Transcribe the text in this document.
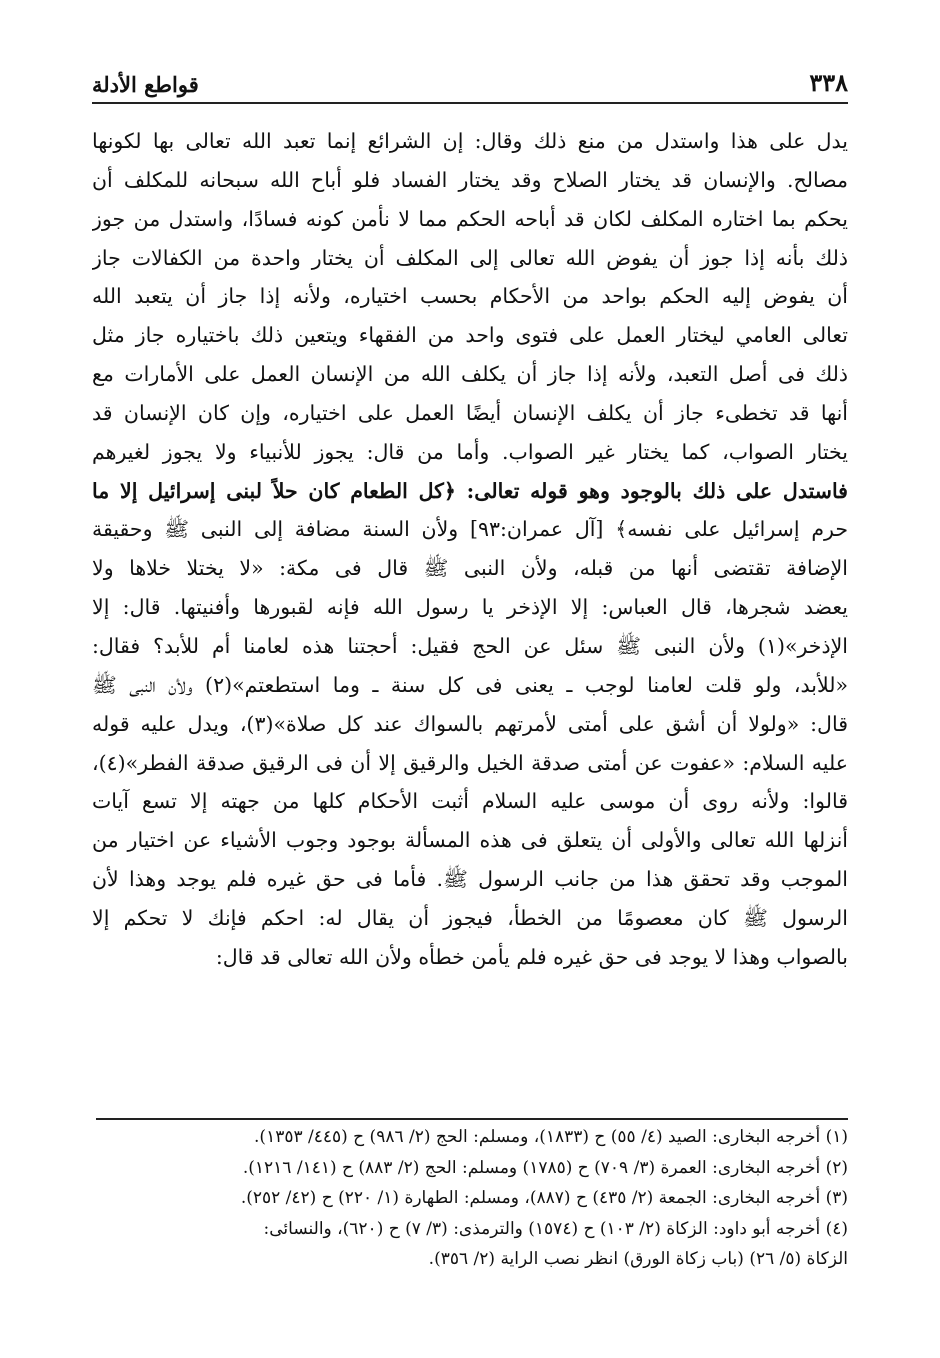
٣٣٨
قواطع الأدلة
يدل على هذا واستدل من منع ذلك وقال: إن الشرائع إنما تعبد الله تعالى بها لكونها
مصالح. والإنسان قد يختار الصلاح وقد يختار الفساد فلو أباح الله سبحانه للمكلف أن
يحكم بما اختاره المكلف لكان قد أباحه الحكم مما لا نأمن كونه فسادًا، واستدل من جوز
ذلك بأنه إذا جوز أن يفوض الله تعالى إلى المكلف أن يختار واحدة من الكفالات جاز
أن يفوض إليه الحكم بواحد من الأحكام بحسب اختياره، ولأنه إذا جاز أن يتعبد الله
تعالى العامي ليختار العمل على فتوى واحد من الفقهاء ويتعين ذلك باختياره جاز مثل
ذلك فى أصل التعبد، ولأنه إذا جاز أن يكلف الله من الإنسان العمل على الأمارات مع
أنها قد تخطىء جاز أن يكلف الإنسان أيضًا العمل على اختياره، وإن كان الإنسان قد
يختار الصواب، كما يختار غير الصواب. وأما من قال: يجوز للأنبياء ولا يجوز لغيرهم
فاستدل على ذلك بالوجود وهو قوله تعالى: ﴿كل الطعام كان حلاً لبنى إسرائيل إلا ما
حرم إسرائيل على نفسه﴾ [آل عمران:٩٣] ولأن السنة مضافة إلى النبى ﷺ وحقيقة
الإضافة تقتضى أنها من قبله، ولأن النبى ﷺ قال فى مكة: «لا يختلا خلاها ولا
يعضد شجرها، قال العباس: إلا الإذخر يا رسول الله فإنه لقبورها وأفنيتها. قال: إلا
الإذخر»(١) ولأن النبى ﷺ سئل عن الحج فقيل: أحجتنا هذه لعامنا أم للأبد؟ فقال:
«للأبد، ولو قلت لعامنا لوجب ـ يعنى فى كل سنة ـ وما استطعتم»(٢) ولأن النبى ﷺ
قال: «ولولا أن أشق على أمتى لأمرتهم بالسواك عند كل صلاة»(٣)، ويدل عليه قوله
عليه السلام: «عفوت عن أمتى صدقة الخيل والرقيق إلا أن فى الرقيق صدقة الفطر»(٤)،
قالوا: ولأنه روى أن موسى عليه السلام أثبت الأحكام كلها من جهته إلا تسع آيات
أنزلها الله تعالى والأولى أن يتعلق فى هذه المسألة بوجود وجوب الأشياء عن اختيار من
الموجب وقد تحقق هذا من جانب الرسول ﷺ. فأما فى حق غيره فلم يوجد وهذا لأن
الرسول ﷺ كان معصومًا من الخطأ، فيجوز أن يقال له: احكم فإنك لا تحكم إلا
بالصواب وهذا لا يوجد فى حق غيره فلم يأمن خطأه ولأن الله تعالى قد قال:
(١) أخرجه البخارى: الصيد (٤/ ٥٥) ح (١٨٣٣)، ومسلم: الحج (٢/ ٩٨٦) ح (٤٤٥/ ١٣٥٣).
(٢) أخرجه البخارى: العمرة (٣/ ٧٠٩) ح (١٧٨٥) ومسلم: الحج (٢/ ٨٨٣) ح (١٤١/ ١٢١٦).
(٣) أخرجه البخارى: الجمعة (٢/ ٤٣٥) ح (٨٨٧)، ومسلم: الطهارة (١/ ٢٢٠) ح (٤٢/ ٢٥٢).
(٤) أخرجه أبو داود: الزكاة (٢/ ١٠٣) ح (١٥٧٤) والترمذى: (٣/ ٧) ح (٦٢٠)، والنسائى:
الزكاة (٥/ ٢٦) (باب زكاة الورق) انظر نصب الراية (٢/ ٣٥٦).
